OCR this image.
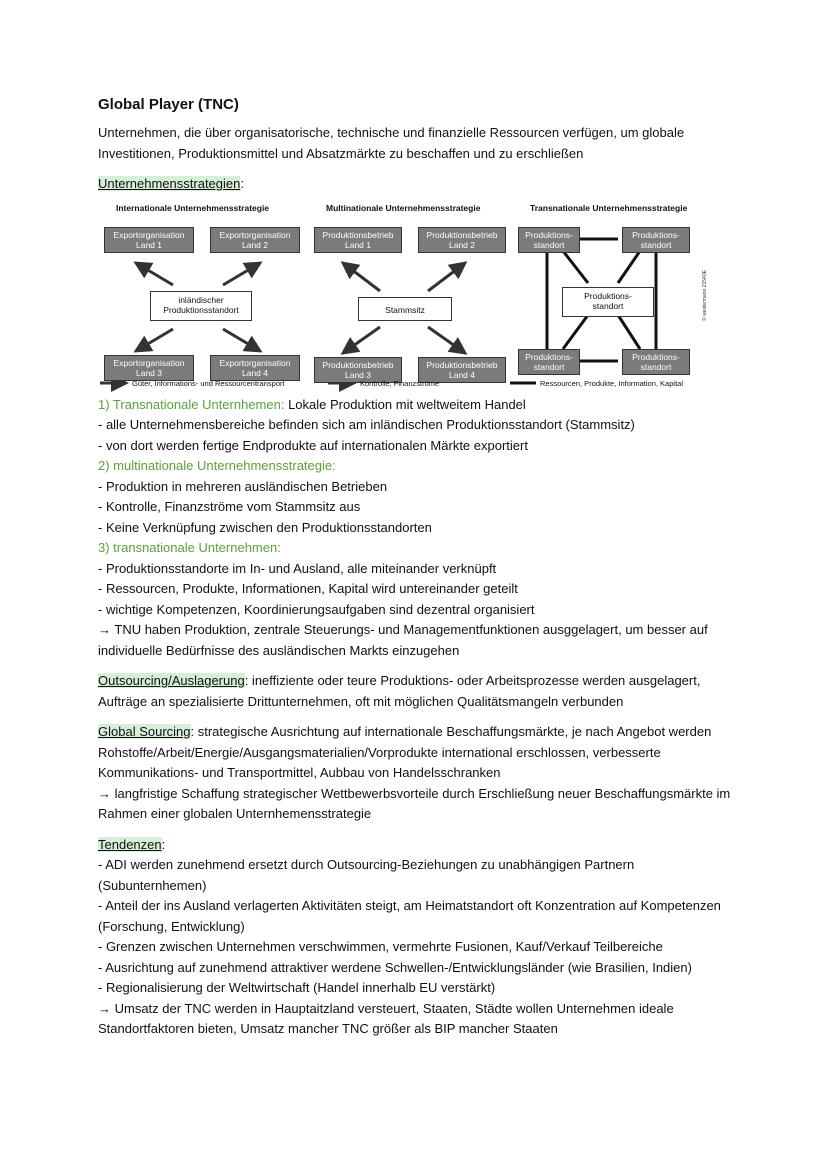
Global Player (TNC)

Unternehmen, die über organisatorische, technische und finanzielle Ressourcen verfügen, um globale Investitionen, Produktionsmittel und Absatzmärkte zu beschaffen und zu erschließen

Unternehmensstrategien:

Internationale Unternehmensstrategie	Multinationale Unternehmensstrategie	Transnationale Unternehmensstrategie
Exportorganisation
Land 1
Exportorganisation
Land 2
inländischer
Produktionsstandort
Exportorganisation
Land 3
Exportorganisation
Land 4
Produktionsbetrieb
Land 1
Produktionsbetrieb
Land 2
Stammsitz
Produktionsbetrieb
Land 3
Produktionsbetrieb
Land 4
Produktions-
standort
Produktions-
standort
Produktions-
standort
Produktions-
standort
Produktions-
standort
© westermann 21540E
Güter, Informations- und Ressourcentransport	Kontrolle, Finanzströme	Ressourcen, Produkte, Information, Kapital

1) Transnationale Unternhemen: Lokale Produktion mit weltweitem Handel

- alle Unternehmensbereiche befinden sich am inländischen Produktionsstandort (Stammsitz)

- von dort werden fertige Endprodukte auf internationalen Märkte exportiert

2) multinationale Unternehmensstrategie:

- Produktion in mehreren ausländischen Betrieben

- Kontrolle, Finanzströme vom Stammsitz aus

- Keine Verknüpfung zwischen den Produktionsstandorten

3) transnationale Unternehmen:

- Produktionsstandorte im In- und Ausland, alle miteinander verknüpft

- Ressourcen, Produkte, Informationen, Kapital wird untereinander geteilt

- wichtige Kompetenzen, Koordinierungsaufgaben sind dezentral organisiert

→ TNU haben Produktion, zentrale Steuerungs- und Managementfunktionen ausggelagert, um besser auf individuelle Bedürfnisse des ausländischen Markts einzugehen

Outsourcing/Auslagerung: ineffiziente oder teure Produktions- oder Arbeitsprozesse werden ausgelagert, Aufträge an spezialisierte Drittunternehmen, oft mit möglichen Qualitätsmangeln verbunden

Global Sourcing: strategische Ausrichtung auf internationale Beschaffungsmärkte, je nach Angebot werden Rohstoffe/Arbeit/Energie/Ausgangsmaterialien/Vorprodukte international erschlossen, verbesserte Kommunikations- und Transportmittel, Aubbau von Handelsschranken

→ langfristige Schaffung strategischer Wettbewerbsvorteile durch Erschließung neuer Beschaffungsmärkte im Rahmen einer globalen Unternhemensstrategie

Tendenzen:

- ADI werden zunehmend ersetzt durch Outsourcing-Beziehungen zu unabhängigen Partnern (Subunternhemen)

- Anteil der ins Ausland verlagerten Aktivitäten steigt, am Heimatstandort oft Konzentration auf Kompetenzen (Forschung, Entwicklung)

- Grenzen zwischen Unternehmen verschwimmen, vermehrte Fusionen, Kauf/Verkauf Teilbereiche

- Ausrichtung auf zunehmend attraktiver werdene Schwellen-/Entwicklungsländer (wie Brasilien, Indien)

- Regionalisierung der Weltwirtschaft (Handel innerhalb EU verstärkt)

→ Umsatz der TNC werden in Hauptaitzland versteuert, Staaten, Städte wollen Unternehmen ideale Standortfaktoren bieten, Umsatz mancher TNC größer als BIP mancher Staaten
